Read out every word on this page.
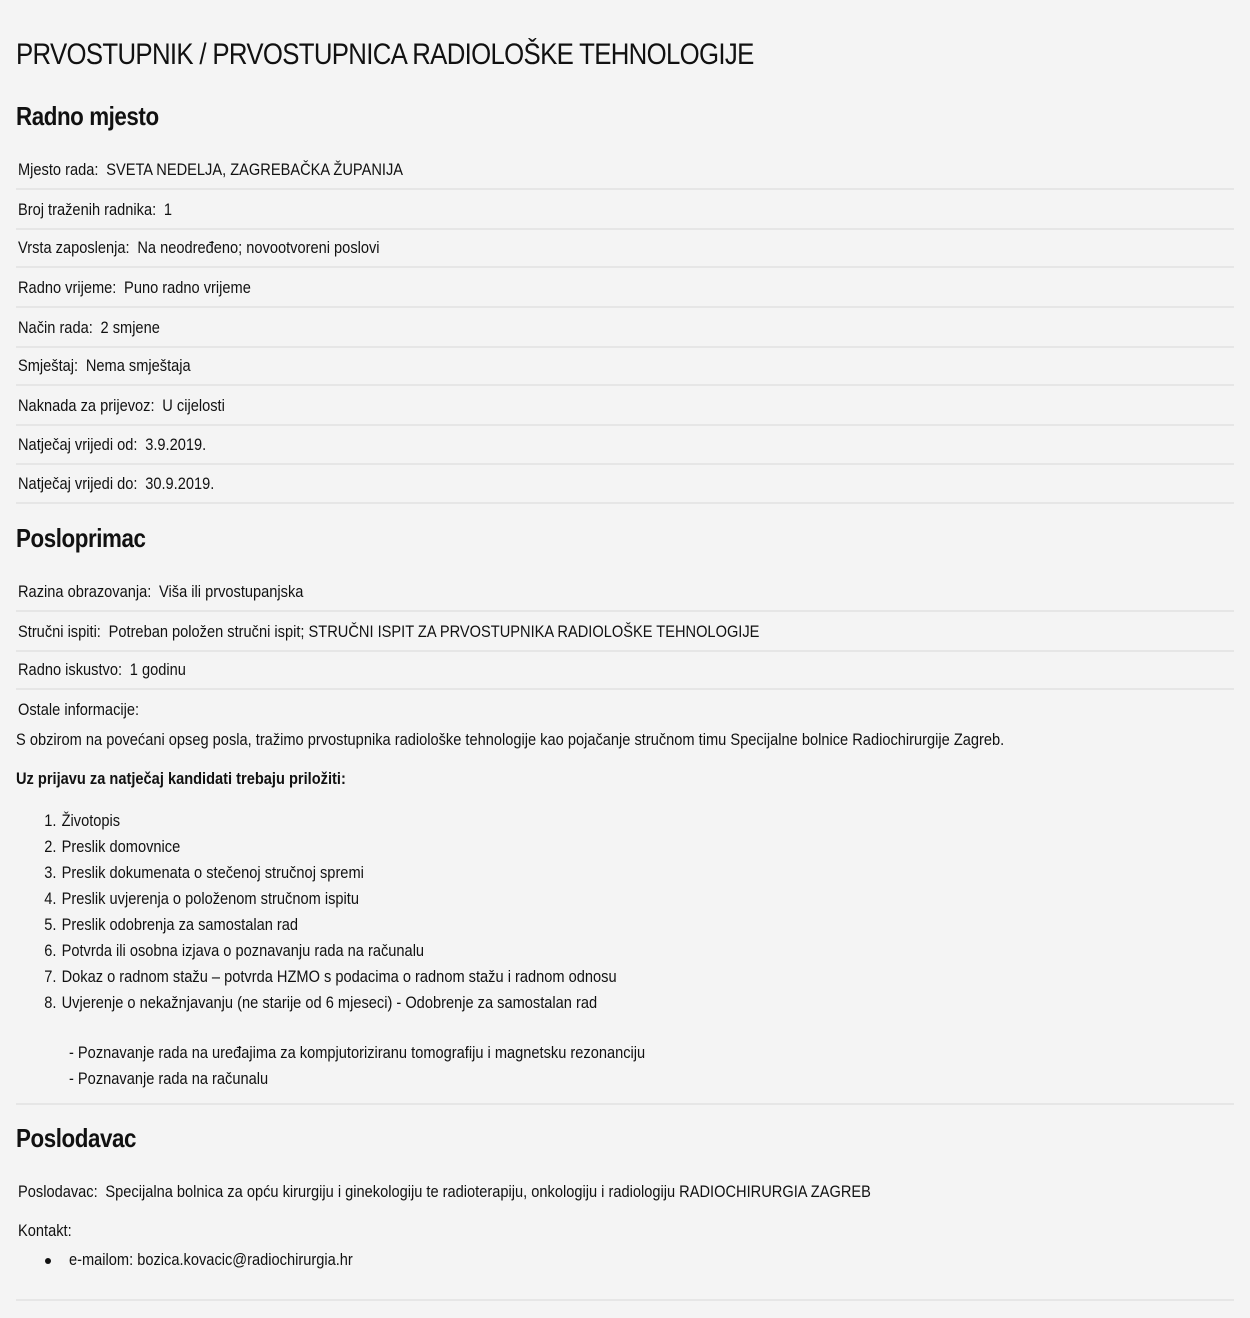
PRVOSTUPNIK / PRVOSTUPNICA RADIOLOŠKE TEHNOLOGIJE
Radno mjesto
Mjesto rada: SVETA NEDELJA, ZAGREBAČKA ŽUPANIJA
Broj traženih radnika: 1
Vrsta zaposlenja: Na neodređeno; novootvoreni poslovi
Radno vrijeme: Puno radno vrijeme
Način rada: 2 smjene
Smještaj: Nema smještaja
Naknada za prijevoz: U cijelosti
Natječaj vrijedi od: 3.9.2019.
Natječaj vrijedi do: 30.9.2019.
Posloprimac
Razina obrazovanja: Viša ili prvostupanjska
Stručni ispiti: Potreban položen stručni ispit; STRUČNI ISPIT ZA PRVOSTUPNIKA RADIOLOŠKE TEHNOLOGIJE
Radno iskustvo: 1 godinu
Ostale informacije:
S obzirom na povećani opseg posla, tražimo prvostupnika radiološke tehnologije kao pojačanje stručnom timu Specijalne bolnice Radiochirurgije Zagreb.
Uz prijavu za natječaj kandidati trebaju priložiti:
1. Životopis
2. Preslik domovnice
3. Preslik dokumenata o stečenoj stručnoj spremi
4. Preslik uvjerenja o položenom stručnom ispitu
5. Preslik odobrenja za samostalan rad
6. Potvrda ili osobna izjava o poznavanju rada na računalu
7. Dokaz o radnom stažu – potvrda HZMO s podacima o radnom stažu i radnom odnosu
8. Uvjerenje o nekažnjavanju (ne starije od 6 mjeseci) - Odobrenje za samostalan rad
- Poznavanje rada na uređajima za kompjutoriziranu tomografiju i magnetsku rezonanciju
- Poznavanje rada na računalu
Poslodavac
Poslodavac: Specijalna bolnica za opću kirurgiju i ginekologiju te radioterapiju, onkologiju i radiologiju RADIOCHIRURGIA ZAGREB
Kontakt:
e-mailom: bozica.kovacic@radiochirurgia.hr
